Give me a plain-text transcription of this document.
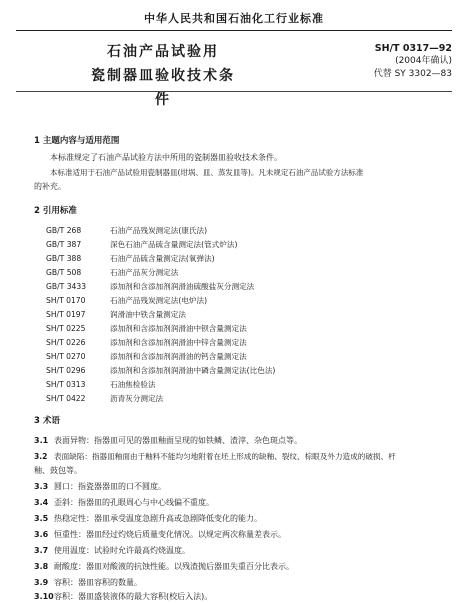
中华人民共和国石油化工行业标准
石油产品试验用
瓷制器皿验收技术条件
SH/T 0317—92
(2004年确认)
代替 SY 3302—83
1 主题内容与适用范围
本标准规定了石油产品试验方法中所用的瓷制器皿验收技术条件。
本标准适用于石油产品试验用瓷制器皿(坩埚、皿、蒸发皿等)。凡未规定石油产品试验方法标准
的补充。
2 引用标准
GB/T 268	石油产品残炭测定法(康氏法)
GB/T 387	深色石油产品硫含量测定法(管式炉法)
GB/T 388	石油产品硫含量测定法(氧弹法)
GB/T 508	石油产品灰分测定法
GB/T 3433	添加剂和含添加剂润滑油硫酸盐灰分测定法
SH/T 0170	石油产品残炭测定法(电炉法)
SH/T 0197	润滑油中铁含量测定法
SH/T 0225	添加剂和含添加剂润滑油中钡含量测定法
SH/T 0226	添加剂和含添加剂润滑油中锌含量测定法
SH/T 0270	添加剂和含添加剂润滑油的钙含量测定法
SH/T 0296	添加剂和含添加剂润滑油中磷含量测定法(比色法)
SH/T 0313	石油焦检验法
SH/T 0422	沥青灰分测定法
3 术语
3.1 表面异物：指器皿可见的器皿釉面呈现的如铁鳞、渣滓、杂色斑点等。
3.2 表面缺陷：指器皿釉面由于釉料不能均匀地附着在坯上形成的缺釉、裂纹、棕眼及外力造成的破损、杆
釉、鼓包等。
3.3 圆口：指瓷器器皿的口不圆度。
3.4 歪斜：指器皿的孔眼周心与中心线偏不重度。
3.5 热稳定性：器皿承受温度急剧升高或急剧降低变化的能力。
3.6 恒重性：器皿经过灼烧后质量变化情况。以规定两次称量差表示。
3.7 使用温度：试验时允许最高灼烧温度。
3.8 耐酸度：器皿对酸液的抗蚀性能。以残渣抛后器皿失重百分比表示。
3.9 容积：器皿容积的数量。
3.10容积：器皿盛装液体的最大容积(校后入法)。
